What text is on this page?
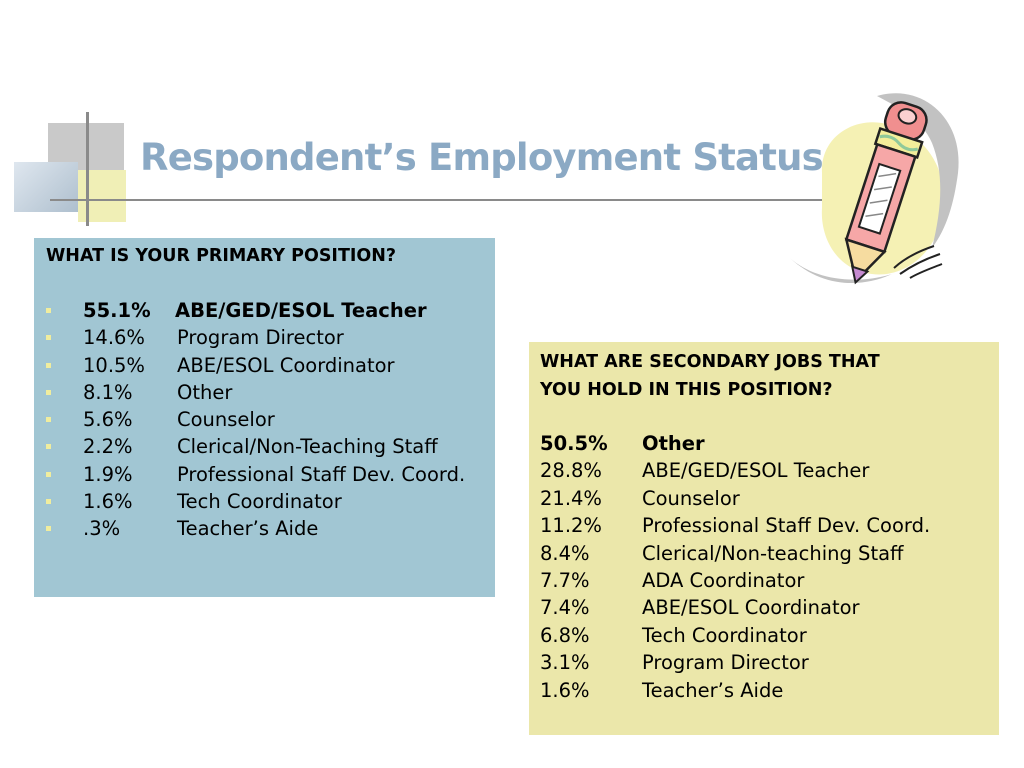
Respondent’s Employment Status

WHAT IS YOUR PRIMARY POSITION?

55.1% ABE/GED/ESOL Teacher
14.6% Program Director
10.5% ABE/ESOL Coordinator
8.1% Other
5.6% Counselor
2.2% Clerical/Non-Teaching Staff
1.9% Professional Staff Dev. Coord.
1.6% Tech Coordinator
.3%	Teacher’s Aide

WHAT ARE SECONDARY JOBS THAT

YOU HOLD IN THIS POSITION?

50.5% Other
28.8% ABE/GED/ESOL Teacher
21.4% Counselor
11.2% Professional Staff Dev. Coord.
8.4%	Clerical/Non-teaching Staff
7.7%	ADA Coordinator
7.4%	ABE/ESOL Coordinator
6.8%	Tech Coordinator
3.1%	Program Director
1.6%	Teacher’s Aide
